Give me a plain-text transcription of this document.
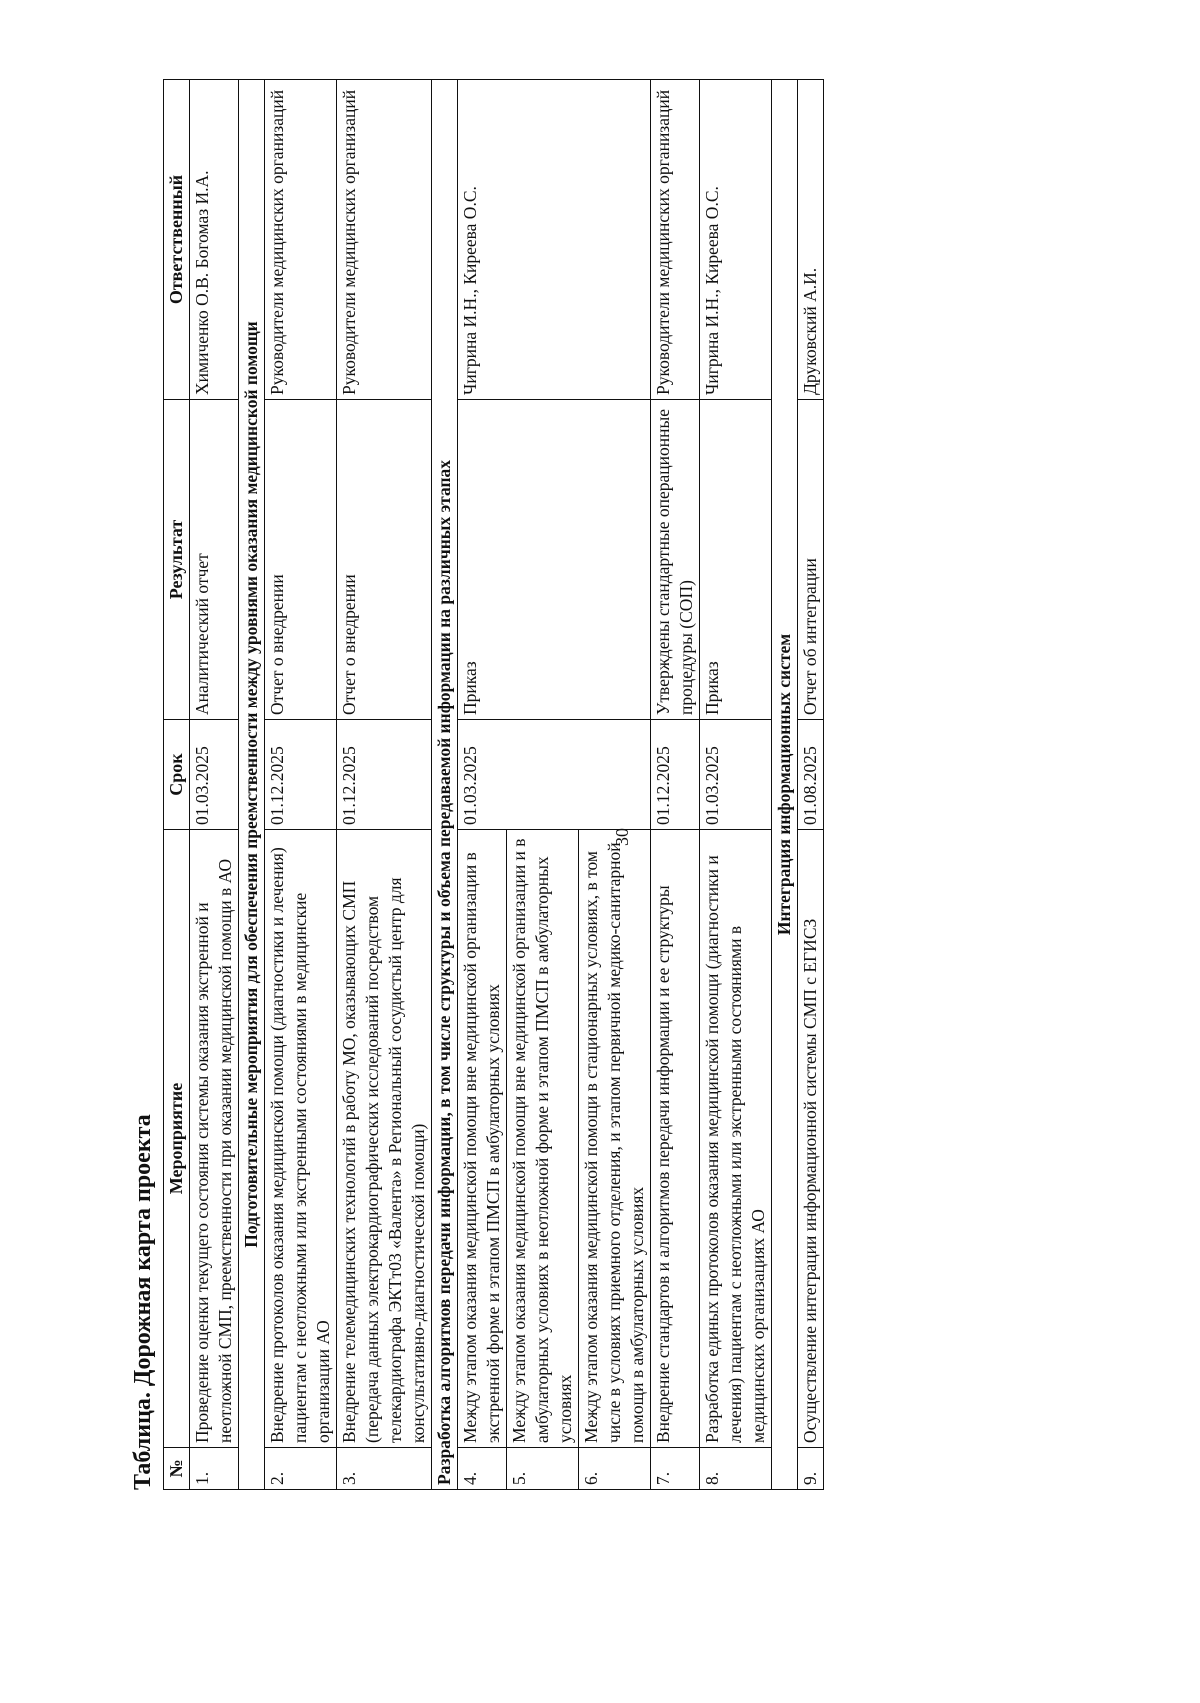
30
Таблица. Дорожная карта проекта №	Мероприятие	Срок	Результат	Ответственный
1.	Проведение оценки текущего состояния системы оказания экстренной и неотложной СМП, преемственности при оказании медицинской помощи в АО	01.03.2025	Аналитический отчет	Химиченко О.В. Богомаз И.А.
Подготовительные мероприятия для обеспечения преемственности между уровнями оказания медицинской помощи				
2.	Внедрение протоколов оказания медицинской помощи (диагностики и лечения) пациентам с неотложными или экстренными состояниями в медицинские организации АО	01.12.2025	Отчет о внедрении	Руководители медицинских организаций
3.	Внедрение телемедицинских технологий в работу МО, оказывающих СМП (передача данных электрокардиографических исследований посредством телекардиографа ЭКТт03 «Валента» в Региональный сосудистый центр для консультативно-диагностической помощи)	01.12.2025	Отчет о внедрении	Руководители медицинских организаций
Разработка алгоритмов передачи информации, в том числе структуры и объема передаваемой информации на различных этапах				
4.	Между этапом оказания медицинской помощи вне медицинской организации в экстренной форме и этапом ПМСП в амбулаторных условиях	01.03.2025	Приказ	Чигрина И.Н., Киреева О.С.
5.	Между этапом оказания медицинской помощи вне медицинской организации и в амбулаторных условиях в неотложной форме и этапом ПМСП в амбулаторных условиях			
6.	Между этапом оказания медицинской помощи в стационарных условиях, в том числе в условиях приемного отделения, и этапом первичной медико-санитарной помощи в амбулаторных условиях			
7.	Внедрение стандартов и алгоритмов передачи информации и ее структуры	01.12.2025	Утверждены стандартные операционные процедуры (СОП)	Руководители медицинских организаций
8.	Разработка единых протоколов оказания медицинской помощи (диагностики и лечения) пациентам с неотложными или экстренными состояниями в медицинских организациях АО	01.03.2025	Приказ	Чигрина И.Н., Киреева О.С.
Интеграция информационных систем				
9.	Осуществление интеграции информационной системы СМП с ЕГИСЗ	01.08.2025	Отчет об интеграции	Друковский А.И.
